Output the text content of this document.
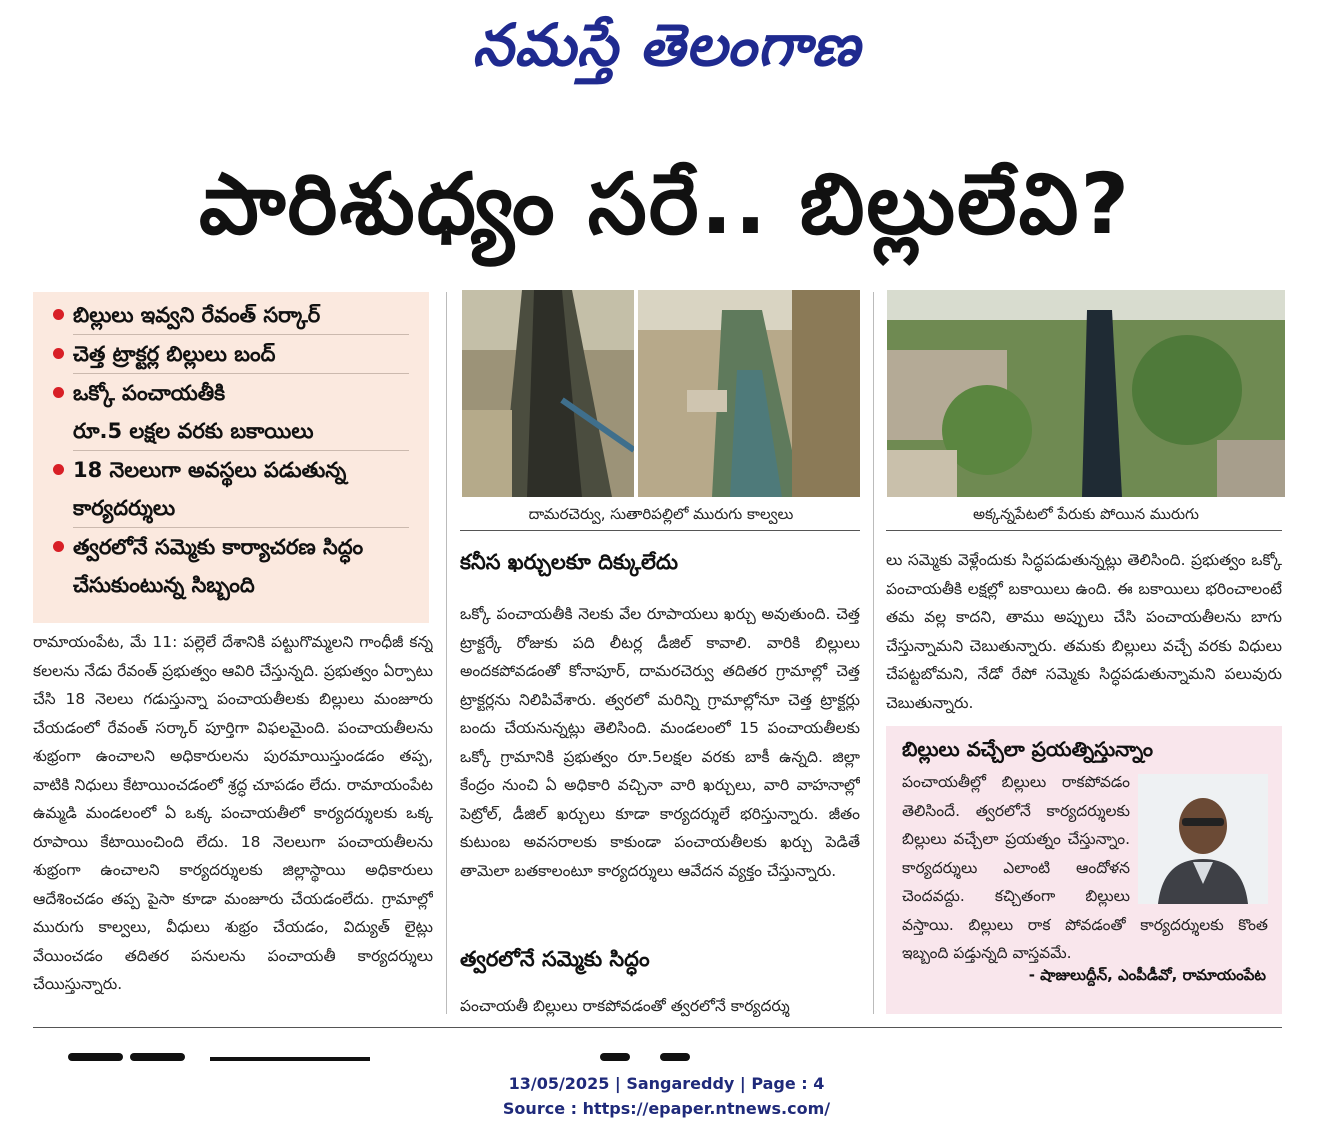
నమస్తే తెలంగాణ
పారిశుధ్యం సరే.. బిల్లులేవి?
బిల్లులు ఇవ్వని రేవంత్ సర్కార్
చెత్త ట్రాక్టర్ల బిల్లులు బంద్
ఒక్కో పంచాయతీకి
రూ.5 లక్షల వరకు బకాయిలు
18 నెలలుగా అవస్థలు పడుతున్న
కార్యదర్శులు
త్వరలోనే సమ్మెకు కార్యాచరణ సిద్ధం
చేసుకుంటున్న సిబ్బంది
రామాయంపేట, మే 11: పల్లెలే దేశానికి పట్టుగొమ్మలని గాంధీజీ కన్న కలలను నేడు రేవంత్ ప్రభుత్వం ఆవిరి చేస్తున్నది. ప్రభుత్వం ఏర్పాటు చేసి 18 నెలలు గడుస్తున్నా పంచాయతీలకు బిల్లులు మంజూరు చేయడంలో రేవంత్ సర్కార్ పూర్తిగా విఫలమైంది. పంచాయతీలను శుభ్రంగా ఉంచాలని అధికారులను పురమాయిస్తుండడం తప్ప, వాటికి నిధులు కేటాయించడంలో శ్రద్ధ చూపడం లేదు. రామాయంపేట ఉమ్మడి మండలంలో ఏ ఒక్క పంచాయతీలో కార్యదర్శులకు ఒక్క రూపాయి కేటాయించింది లేదు. 18 నెలలుగా పంచాయతీలను శుభ్రంగా ఉంచాలని కార్యదర్శులకు జిల్లాస్థాయి అధికారులు ఆదేశించడం తప్ప పైసా కూడా మంజూరు చేయడంలేదు. గ్రామాల్లో మురుగు కాల్వలు, వీధులు శుభ్రం చేయడం, విద్యుత్ లైట్లు వేయించడం తదితర పనులను పంచాయతీ కార్యదర్శులు చేయిస్తున్నారు.
దామరచెర్వు, సుతారిపల్లిలో మురుగు కాల్వలు	అక్కన్నపేటలో పేరుకు పోయిన మురుగు
కనీస ఖర్చులకూ దిక్కులేదు
ఒక్కో పంచాయతీకి నెలకు వేల రూపాయలు ఖర్చు అవుతుంది. చెత్త ట్రాక్టర్కే రోజుకు పది లీటర్ల డీజిల్ కావాలి. వారికి బిల్లులు అందకపోవడంతో కోనాపూర్, దామరచెర్వు తదితర గ్రామాల్లో చెత్త ట్రాక్టర్లను నిలిపివేశారు. త్వరలో మరిన్ని గ్రామాల్లోనూ చెత్త ట్రాక్టర్లు బందు చేయనున్నట్లు తెలిసింది. మండలంలో 15 పంచాయతీలకు ఒక్కో గ్రామానికి ప్రభుత్వం రూ.5లక్షల వరకు బాకీ ఉన్నది. జిల్లా కేంద్రం నుంచి ఏ అధికారి వచ్చినా వారి ఖర్చులు, వారి వాహనాల్లో పెట్రోల్, డీజిల్ ఖర్చులు కూడా కార్యదర్శులే భరిస్తున్నారు. జీతం కుటుంబ అవసరాలకు కాకుండా పంచాయతీలకు ఖర్చు పెడితే తామెలా బతకాలంటూ కార్యదర్శులు ఆవేదన వ్యక్తం చేస్తున్నారు.
త్వరలోనే సమ్మెకు సిద్ధం
పంచాయతీ బిల్లులు రాకపోవడంతో త్వరలోనే కార్యదర్శు
లు సమ్మెకు వెళ్లేందుకు సిద్ధపడుతున్నట్లు తెలిసింది. ప్రభుత్వం ఒక్కో పంచాయతీకి లక్షల్లో బకాయిలు ఉంది. ఈ బకాయిలు భరించాలంటే తమ వల్ల కాదని, తాము అప్పులు చేసి పంచాయతీలను బాగు చేస్తున్నామని చెబుతున్నారు. తమకు బిల్లులు వచ్చే వరకు విధులు చేపట్టబోమని, నేడో రేపో సమ్మెకు సిద్ధపడుతున్నామని పలువురు చెబుతున్నారు.
బిల్లులు వచ్చేలా ప్రయత్నిస్తున్నాం
పంచాయతీల్లో బిల్లులు రాకపోవడం తెలిసిందే. త్వరలోనే కార్యదర్శులకు బిల్లులు వచ్చేలా ప్రయత్నం చేస్తున్నాం. కార్యదర్శులు ఎలాంటి ఆందోళన చెందవద్దు. కచ్చితంగా బిల్లులు వస్తాయి. బిల్లులు రాక పోవడంతో కార్యదర్శులకు కొంత ఇబ్బంది పడ్తున్నది వాస్తవమే.
- షాజులుద్దీన్, ఎంపీడీవో, రామాయంపేట
13/05/2025 | Sangareddy | Page : 4
Source : https://epaper.ntnews.com/
